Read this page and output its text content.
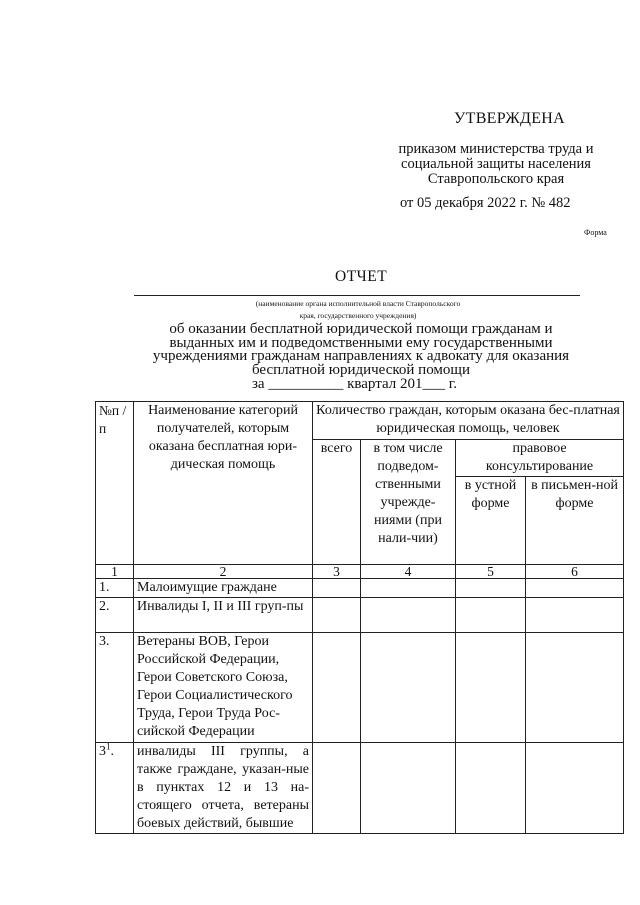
УТВЕРЖДЕНА
приказом министерства труда и
социальной защиты населения
Ставропольского края
от 05 декабря 2022 г. № 482
Форма
ОТЧЕТ
(наименование органа исполнительной власти Ставропольского
края, государственного учреждения)
об оказании бесплатной юридической помощи гражданам и
выданных им и подведомственными ему государственными
учреждениями гражданам направлениях к адвокату для оказания
бесплатной юридической помощи
за __________ квартал 201___ г.
№п /п	Наименование категорий получателей, которым оказана бесплатная юри-дическая помощь	Количество граждан, которым оказана бес-платная юридическая помощь, человек			
		всего	в том числе подведом-ственными учрежде-ниями (при нали-чии)	правовое консультирование	
				в устной форме	в письмен-ной форме
1	2	3	4	5	6
1.	Малоимущие граждане				
2.	Инвалиды I, II и III груп-пы				
3.	Ветераны ВОВ, Герои Российской Федерации, Герои Советского Союза, Герои Социалистического Труда, Герои Труда Рос-сийской Федерации				
$3^1$.	инвалиды III группы, а также граждане, указан-ные в пунктах 12 и 13 на-стоящего отчета, ветераны боевых действий, бывшие				
